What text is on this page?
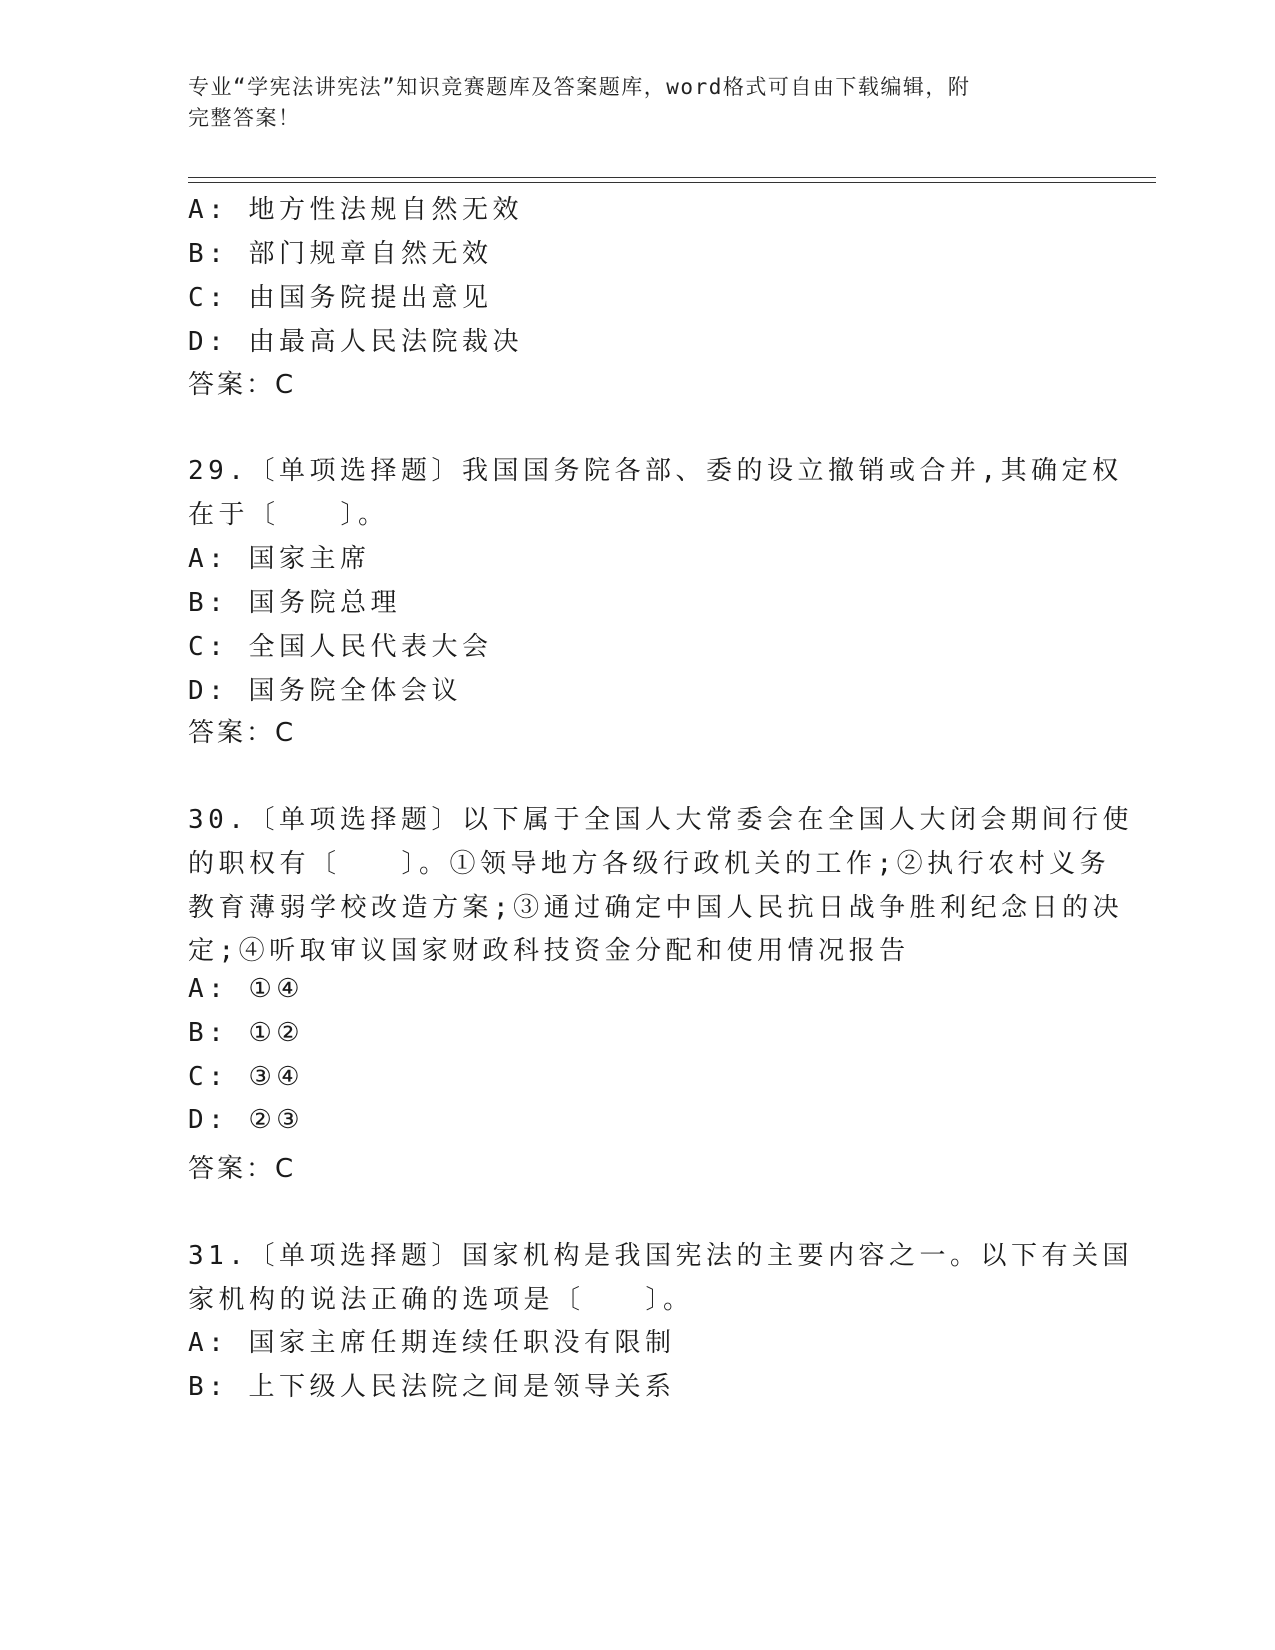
专业“学宪法讲宪法”知识竞赛题库及答案题库，word格式可自由下载编辑，附
完整答案！
A: 地方性法规自然无效
B: 部门规章自然无效
C: 由国务院提出意见
D: 由最高人民法院裁决
答案：C
29.〔单项选择题〕我国国务院各部、委的设立撤销或合并,其确定权
在于〔　　〕。
A: 国家主席
B: 国务院总理
C: 全国人民代表大会
D: 国务院全体会议
答案：C
30.〔单项选择题〕以下属于全国人大常委会在全国人大闭会期间行使
的职权有〔　　〕。①领导地方各级行政机关的工作;②执行农村义务
教育薄弱学校改造方案;③通过确定中国人民抗日战争胜利纪念日的决
定;④听取审议国家财政科技资金分配和使用情况报告
A: ①④
B: ①②
C: ③④
D: ②③
答案：C
31.〔单项选择题〕国家机构是我国宪法的主要内容之一。以下有关国
家机构的说法正确的选项是〔　　〕。
A: 国家主席任期连续任职没有限制
B: 上下级人民法院之间是领导关系
